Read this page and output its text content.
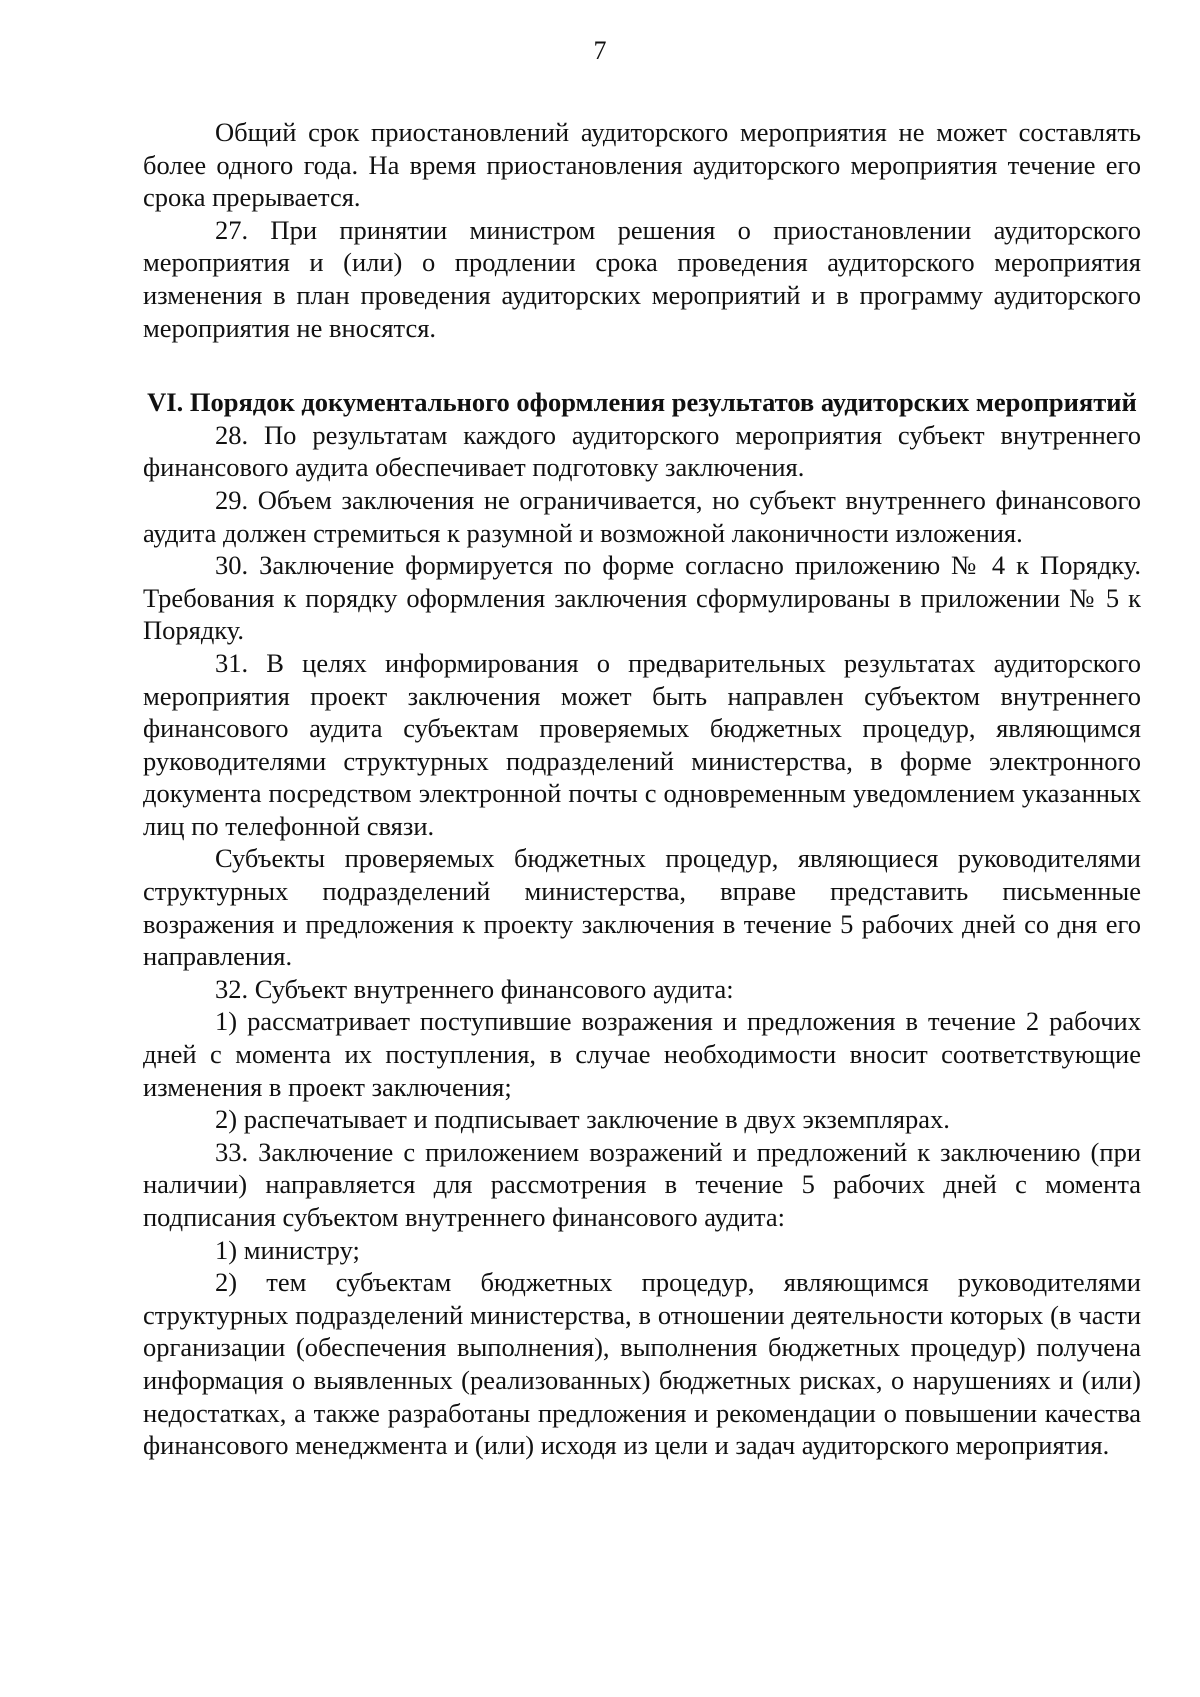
7

Общий срок приостановлений аудиторского мероприятия не может составлять более одного года. На время приостановления аудиторского мероприятия течение его срока прерывается.

27. При принятии министром решения о приостановлении аудиторского мероприятия и (или) о продлении срока проведения аудиторского мероприятия изменения в план проведения аудиторских мероприятий и в программу аудиторского мероприятия не вносятся.

VI. Порядок документального оформления результатов аудиторских мероприятий

28. По результатам каждого аудиторского мероприятия субъект внутреннего финансового аудита обеспечивает подготовку заключения.

29. Объем заключения не ограничивается, но субъект внутреннего финансового аудита должен стремиться к разумной и возможной лаконичности изложения.

30. Заключение формируется по форме согласно приложению № 4 к Порядку. Требования к порядку оформления заключения сформулированы в приложении № 5 к Порядку.

31. В целях информирования о предварительных результатах аудиторского мероприятия проект заключения может быть направлен субъектом внутреннего финансового аудита субъектам проверяемых бюджетных процедур, являющимся руководителями структурных подразделений министерства, в форме электронного документа посредством электронной почты с одновременным уведомлением указанных лиц по телефонной связи.

Субъекты проверяемых бюджетных процедур, являющиеся руководителями структурных подразделений министерства, вправе представить письменные возражения и предложения к проекту заключения в течение 5 рабочих дней со дня его направления.

32. Субъект внутреннего финансового аудита:

1) рассматривает поступившие возражения и предложения в течение 2 рабочих дней с момента их поступления, в случае необходимости вносит соответствующие изменения в проект заключения;

2) распечатывает и подписывает заключение в двух экземплярах.

33. Заключение с приложением возражений и предложений к заключению (при наличии) направляется для рассмотрения в течение 5 рабочих дней с момента подписания субъектом внутреннего финансового аудита:

1) министру;

2) тем субъектам бюджетных процедур, являющимся руководителями структурных подразделений министерства, в отношении деятельности которых (в части организации (обеспечения выполнения), выполнения бюджетных процедур) получена информация о выявленных (реализованных) бюджетных рисках, о нарушениях и (или) недостатках, а также разработаны предложения и рекомендации о повышении качества финансового менеджмента и (или) исходя из цели и задач аудиторского мероприятия.
